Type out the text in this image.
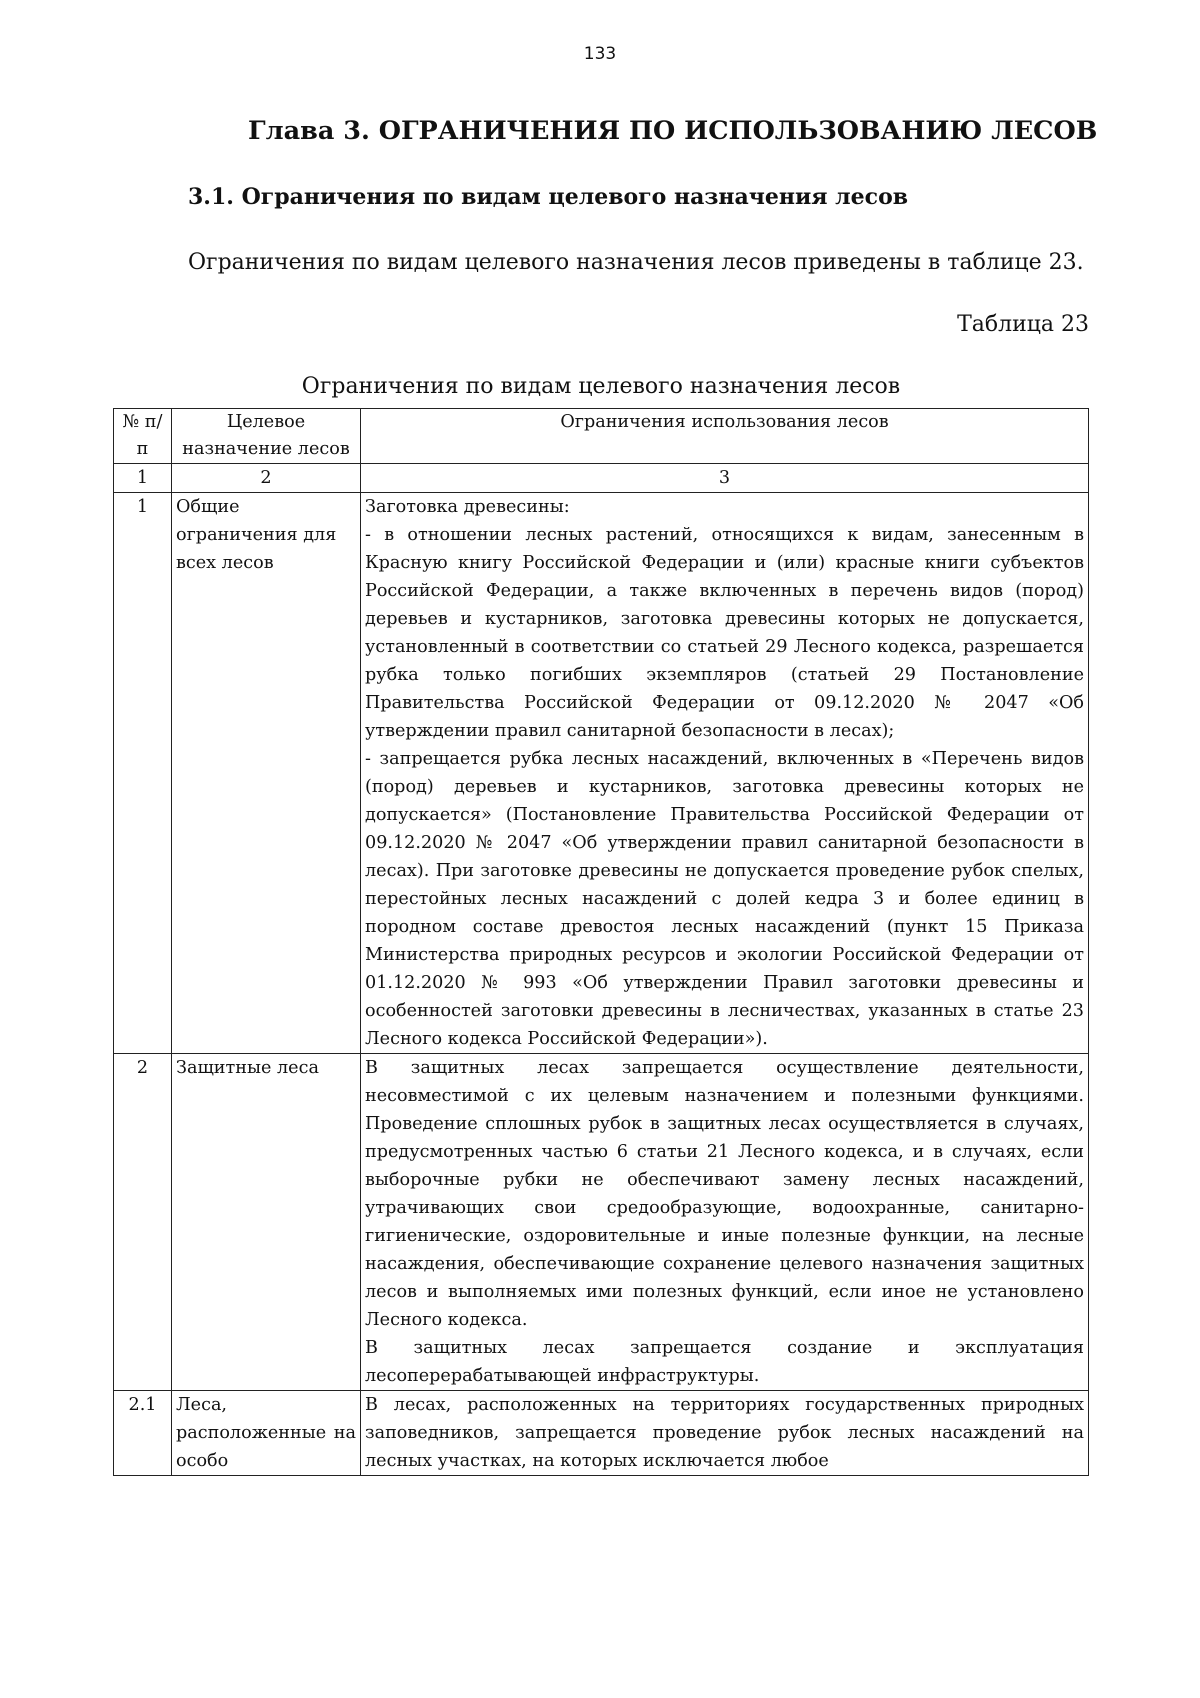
133
Глава 3. ОГРАНИЧЕНИЯ ПО ИСПОЛЬЗОВАНИЮ ЛЕСОВ
3.1. Ограничения по видам целевого назначения лесов

Ограничения по видам целевого назначения лесов приведены в таблице 23.

Таблица 23
Ограничения по видам целевого назначения лесов
№ п/п	Целевое назначение лесов	Ограничения использования лесов
1	2	3
1	Общие ограничения для всех лесов	Заготовка древесины:

- в отношении лесных растений, относящихся к видам, занесенным в Красную книгу Российской Федерации и (или) красные книги субъектов Российской Федерации, а также включенных в перечень видов (пород) деревьев и кустарников, заготовка древесины которых не допускается, установленный в соответствии со статьей 29 Лесного кодекса, разрешается рубка только погибших экземпляров (статьей 29 Постановление Правительства Российской Федерации от 09.12.2020 № 2047 «Об утверждении правил санитарной безопасности в лесах);

- запрещается рубка лесных насаждений, включенных в «Перечень видов (пород) деревьев и кустарников, заготовка древесины которых не допускается» (Постановление Правительства Российской Федерации от 09.12.2020 № 2047 «Об утверждении правил санитарной безопасности в лесах). При заготовке древесины не допускается проведение рубок спелых, перестойных лесных насаждений с долей кедра 3 и более единиц в породном составе древостоя лесных насаждений (пункт 15 Приказа Министерства природных ресурсов и экологии Российской Федерации от 01.12.2020 № 993 «Об утверждении Правил заготовки древесины и особенностей заготовки древесины в лесничествах, указанных в статье 23 Лесного кодекса Российской Федерации»).

2	Защитные леса	В защитных лесах запрещается осуществление деятельности, несовместимой с их целевым назначением и полезными функциями. Проведение сплошных рубок в защитных лесах осуществляется в случаях, предусмотренных частью 6 статьи 21 Лесного кодекса, и в случаях, если выборочные рубки не обеспечивают замену лесных насаждений, утрачивающих свои средообразующие, водоохранные, санитарно-гигиенические, оздоровительные и иные полезные функции, на лесные насаждения, обеспечивающие сохранение целевого назначения защитных лесов и выполняемых ими полезных функций, если иное не установлено Лесного кодекса.

В защитных лесах запрещается создание и эксплуатация лесоперерабатывающей инфраструктуры.

2.1	Леса, расположенные на особо	В лесах, расположенных на территориях государственных природных заповедников, запрещается проведение рубок лесных насаждений на лесных участках, на которых исключается любое
